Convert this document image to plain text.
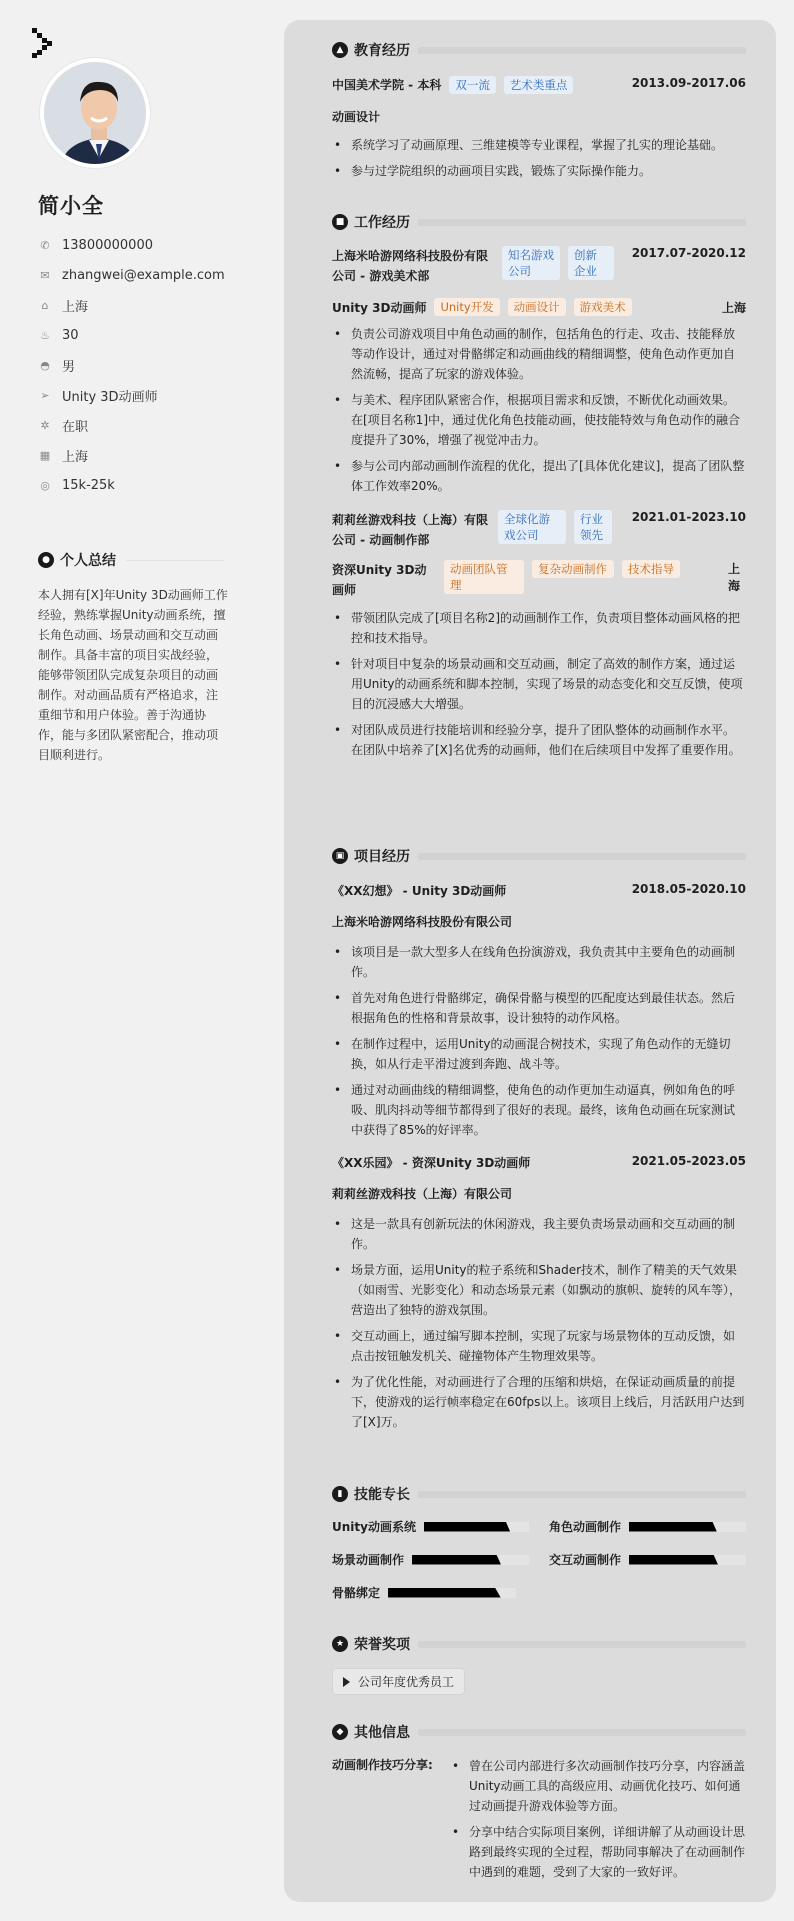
简小全
✆ 13800000000
✉ zhangwei@example.com
⌂ 上海
♨ 30
◓ 男
➢ Unity 3D动画师
✲ 在职
▦ 上海
◎ 15k-25k
● 个人总结
本人拥有[X]年Unity 3D动画师工作经验，熟练掌握Unity动画系统，擅长角色动画、场景动画和交互动画制作。具备丰富的项目实战经验，能够带领团队完成复杂项目的动画制作。对动画品质有严格追求，注重细节和用户体验。善于沟通协作，能与多团队紧密配合，推动项目顺利进行。
▲ 教育经历
中国美术学院 - 本科	双一流	艺术类重点	2013.09-2017.06
动画设计
• 系统学习了动画原理、三维建模等专业课程，掌握了扎实的理论基础。
• 参与过学院组织的动画项目实践，锻炼了实际操作能力。
■ 工作经历
上海米哈游网络科技股份有限公司 - 游戏美术部
知名游戏公司
创新企业
2017.07-2020.12
Unity 3D动画师	Unity开发	动画设计	游戏美术	上海
• 负责公司游戏项目中角色动画的制作，包括角色的行走、攻击、技能释放等动作设计，通过对骨骼绑定和动画曲线的精细调整，使角色动作更加自然流畅，提高了玩家的游戏体验。
• 与美术、程序团队紧密合作，根据项目需求和反馈，不断优化动画效果。在[项目名称1]中，通过优化角色技能动画，使技能特效与角色动作的融合度提升了30%，增强了视觉冲击力。
• 参与公司内部动画制作流程的优化，提出了[具体优化建议]，提高了团队整体工作效率20%。
莉莉丝游戏科技（上海）有限公司 - 动画制作部
全球化游戏公司
行业领先
2021.01-2023.10
资深Unity 3D动画师
动画团队管理
复杂动画制作	技术指导	上海
• 带领团队完成了[项目名称2]的动画制作工作，负责项目整体动画风格的把控和技术指导。
• 针对项目中复杂的场景动画和交互动画，制定了高效的制作方案，通过运用Unity的动画系统和脚本控制，实现了场景的动态变化和交互反馈，使项目的沉浸感大大增强。
• 对团队成员进行技能培训和经验分享，提升了团队整体的动画制作水平。在团队中培养了[X]名优秀的动画师，他们在后续项目中发挥了重要作用。
▣ 项目经历
《XX幻想》 - Unity 3D动画师	2018.05-2020.10
上海米哈游网络科技股份有限公司
• 该项目是一款大型多人在线角色扮演游戏，我负责其中主要角色的动画制作。
• 首先对角色进行骨骼绑定，确保骨骼与模型的匹配度达到最佳状态。然后根据角色的性格和背景故事，设计独特的动作风格。
• 在制作过程中，运用Unity的动画混合树技术，实现了角色动作的无缝切换，如从行走平滑过渡到奔跑、战斗等。
• 通过对动画曲线的精细调整，使角色的动作更加生动逼真，例如角色的呼吸、肌肉抖动等细节都得到了很好的表现。最终，该角色动画在玩家测试中获得了85%的好评率。
《XX乐园》 - 资深Unity 3D动画师	2021.05-2023.05
莉莉丝游戏科技（上海）有限公司
• 这是一款具有创新玩法的休闲游戏，我主要负责场景动画和交互动画的制作。
• 场景方面，运用Unity的粒子系统和Shader技术，制作了精美的天气效果（如雨雪、光影变化）和动态场景元素（如飘动的旗帜、旋转的风车等），营造出了独特的游戏氛围。
• 交互动画上，通过编写脚本控制，实现了玩家与场景物体的互动反馈，如点击按钮触发机关、碰撞物体产生物理效果等。
• 为了优化性能，对动画进行了合理的压缩和烘焙，在保证动画质量的前提下，使游戏的运行帧率稳定在60fps以上。该项目上线后，月活跃用户达到了[X]万。
▮ 技能专长
Unity动画系统	角色动画制作
场景动画制作	交互动画制作
骨骼绑定
★ 荣誉奖项
公司年度优秀员工
◆ 其他信息
动画制作技巧分享:
•	曾在公司内部进行多次动画制作技巧分享，内容涵盖Unity动画工具的高级应用、动画优化技巧、如何通过动画提升游戏体验等方面。
• 分享中结合实际项目案例，详细讲解了从动画设计思路到最终实现的全过程，帮助同事解决了在动画制作中遇到的难题，受到了大家的一致好评。
